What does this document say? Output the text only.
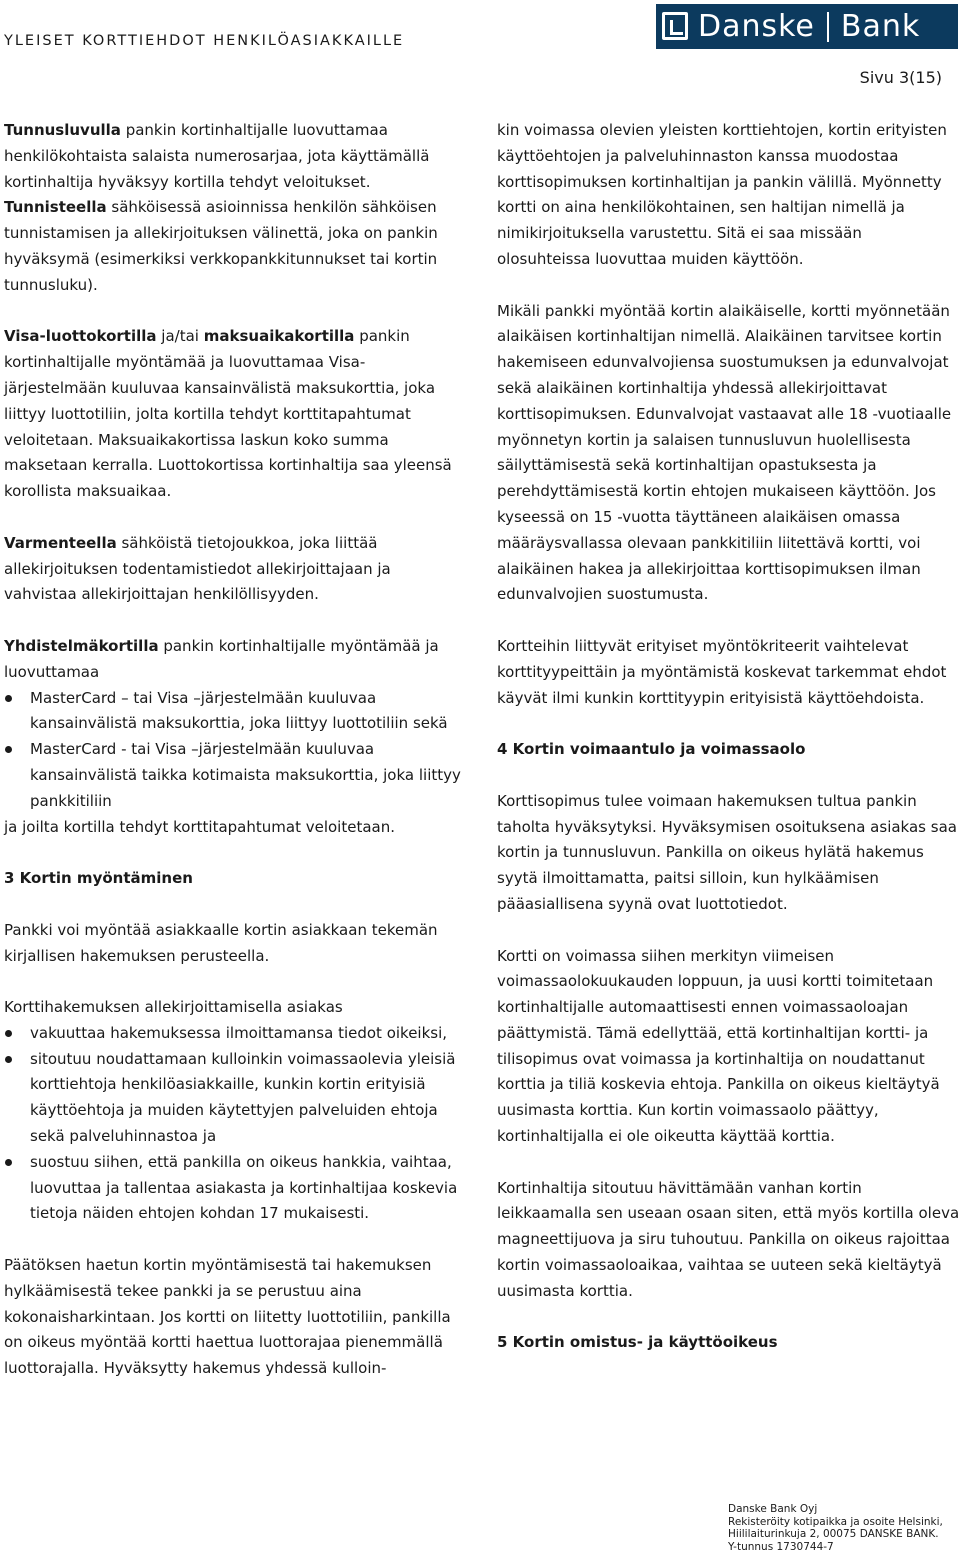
YLEISET KORTTIEHDOT HENKILÖASIAKKAILLE	Danske Bank
Sivu 3(15)

Tunnusluvulla pankin kortinhaltijalle luovuttamaa henkilökohtaista salaista numerosarjaa, jota käyttämällä kortinhaltija hyväksyy kortilla tehdyt veloitukset.

Tunnisteella sähköisessä asioinnissa henkilön sähköisen tunnistamisen ja allekirjoituksen välinettä, joka on pankin hyväksymä (esimerkiksi verkkopankkitunnukset tai kortin tunnusluku).

Visa-luottokortilla ja/tai maksuaikakortilla pankin kortinhaltijalle myöntämää ja luovuttamaa Visa-järjestelmään kuuluvaa kansainvälistä maksukorttia, joka liittyy luottotiliin, jolta kortilla tehdyt korttitapahtumat veloitetaan. Maksuaikakortissa laskun koko summa maksetaan kerralla. Luottokortissa kortinhaltija saa yleensä korollista maksuaikaa.

Varmenteella sähköistä tietojoukkoa, joka liittää allekirjoituksen todentamistiedot allekirjoittajaan ja vahvistaa allekirjoittajan henkilöllisyyden.

Yhdistelmäkortilla pankin kortinhaltijalle myöntämää ja luovuttamaa
MasterCard – tai Visa –järjestelmään kuuluvaa kansainvälistä maksukorttia, joka liittyy luottotiliin sekä
MasterCard - tai Visa –järjestelmään kuuluvaa kansainvälistä taikka kotimaista maksukorttia, joka liittyy pankkitiliin

ja joilta kortilla tehdyt korttitapahtumat veloitetaan.

3 Kortin myöntäminen

Pankki voi myöntää asiakkaalle kortin asiakkaan tekemän kirjallisen hakemuksen perusteella.

Korttihakemuksen allekirjoittamisella asiakas
vakuuttaa hakemuksessa ilmoittamansa tiedot oikeiksi,
sitoutuu noudattamaan kulloinkin voimassaolevia yleisiä korttiehtoja henkilöasiakkaille, kunkin kortin erityisiä käyttöehtoja ja muiden käytettyjen palveluiden ehtoja sekä palveluhinnastoa ja
suostuu siihen, että pankilla on oikeus hankkia, vaihtaa, luovuttaa ja tallentaa asiakasta ja kortinhaltijaa koskevia tietoja näiden ehtojen kohdan 17 mukaisesti.

Päätöksen haetun kortin myöntämisestä tai hakemuksen hylkäämisestä tekee pankki ja se perustuu aina kokonaisharkintaan. Jos kortti on liitetty luottotiliin, pankilla on oikeus myöntää kortti haettua luottorajaa pienemmällä luottorajalla. Hyväksytty hakemus yhdessä kulloin-

kin voimassa olevien yleisten korttiehtojen, kortin erityisten käyttöehtojen ja palveluhinnaston kanssa muodostaa korttisopimuksen kortinhaltijan ja pankin välillä. Myönnetty kortti on aina henkilökohtainen, sen haltijan nimellä ja nimikirjoituksella varustettu. Sitä ei saa missään olosuhteissa luovuttaa muiden käyttöön.

Mikäli pankki myöntää kortin alaikäiselle, kortti myönnetään alaikäisen kortinhaltijan nimellä. Alaikäinen tarvitsee kortin hakemiseen edunvalvojiensa suostumuksen ja edunvalvojat sekä alaikäinen kortinhaltija yhdessä allekirjoittavat korttisopimuksen. Edunvalvojat vastaavat alle 18 -vuotiaalle myönnetyn kortin ja salaisen tunnusluvun huolellisesta säilyttämisestä sekä kortinhaltijan opastuksesta ja perehdyttämisestä kortin ehtojen mukaiseen käyttöön. Jos kyseessä on 15 -vuotta täyttäneen alaikäisen omassa määräysvallassa olevaan pankkitiliin liitettävä kortti, voi alaikäinen hakea ja allekirjoittaa korttisopimuksen ilman edunvalvojien suostumusta.

Kortteihin liittyvät erityiset myöntökriteerit vaihtelevat korttityypeittäin ja myöntämistä koskevat tarkemmat ehdot käyvät ilmi kunkin korttityypin erityisistä käyttöehdoista.

4 Kortin voimaantulo ja voimassaolo

Korttisopimus tulee voimaan hakemuksen tultua pankin taholta hyväksytyksi. Hyväksymisen osoituksena asiakas saa kortin ja tunnusluvun. Pankilla on oikeus hylätä hakemus syytä ilmoittamatta, paitsi silloin, kun hylkäämisen pääasiallisena syynä ovat luottotiedot.

Kortti on voimassa siihen merkityn viimeisen voimassaolokuukauden loppuun, ja uusi kortti toimitetaan kortinhaltijalle automaattisesti ennen voimassaoloajan päättymistä. Tämä edellyttää, että kortinhaltijan kortti- ja tilisopimus ovat voimassa ja kortinhaltija on noudattanut korttia ja tiliä koskevia ehtoja. Pankilla on oikeus kieltäytyä uusimasta korttia. Kun kortin voimassaolo päättyy, kortinhaltijalla ei ole oikeutta käyttää korttia.

Kortinhaltija sitoutuu hävittämään vanhan kortin leikkaamalla sen useaan osaan siten, että myös kortilla oleva magneettijuova ja siru tuhoutuu. Pankilla on oikeus rajoittaa kortin voimassaoloaikaa, vaihtaa se uuteen sekä kieltäytyä uusimasta korttia.

5 Kortin omistus- ja käyttöoikeus
Danske Bank Oyj
Rekisteröity kotipaikka ja osoite Helsinki,
Hiililaiturinkuja 2, 00075 DANSKE BANK.
Y-tunnus 1730744-7
